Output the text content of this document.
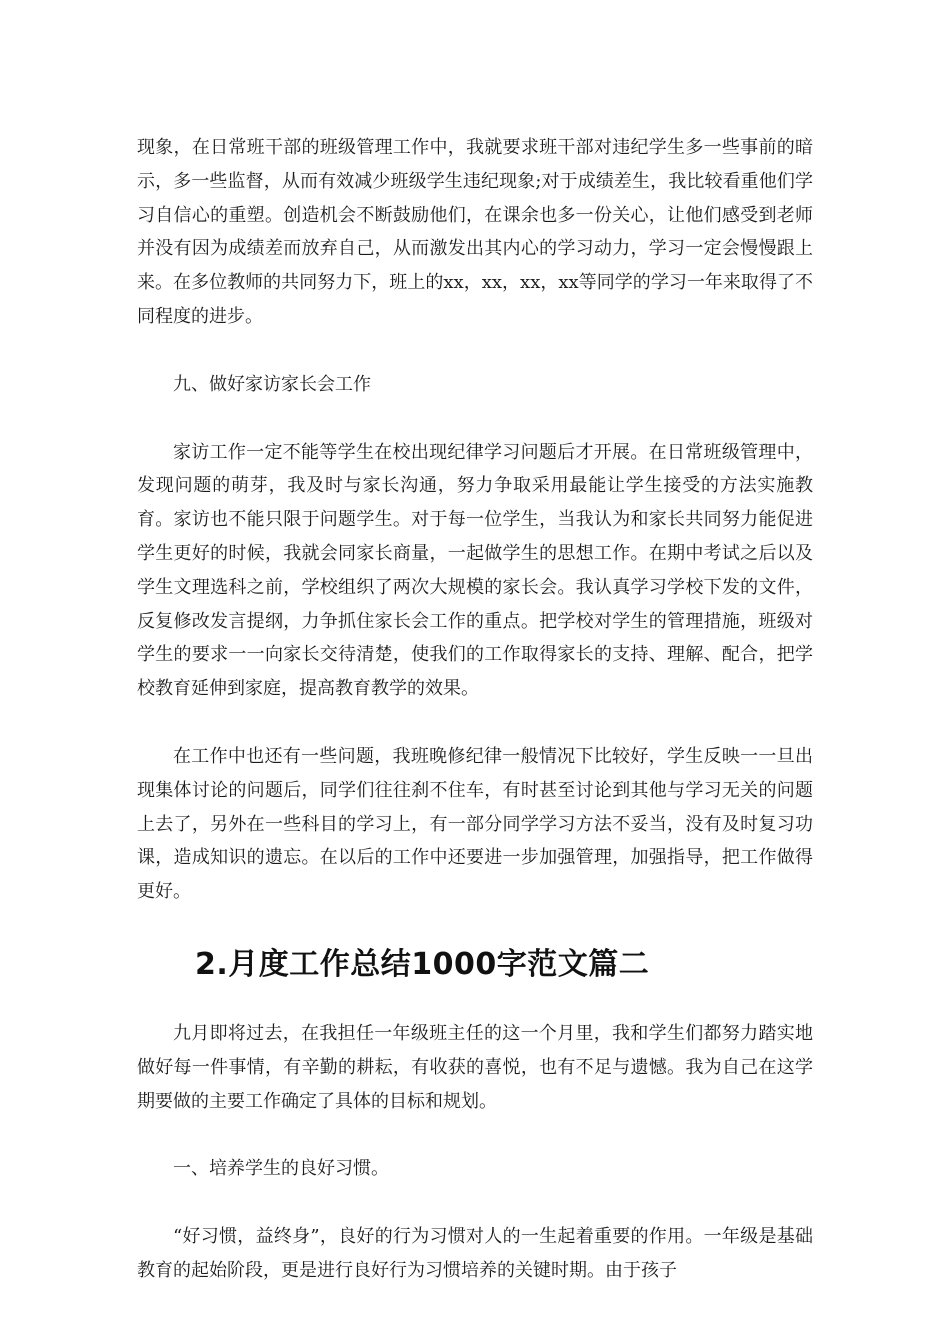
现象，在日常班干部的班级管理工作中，我就要求班干部对违纪学生多一些事前的暗示，多一些监督，从而有效减少班级学生违纪现象;对于成绩差生，我比较看重他们学习自信心的重塑。创造机会不断鼓励他们，在课余也多一份关心，让他们感受到老师并没有因为成绩差而放弃自己，从而激发出其内心的学习动力，学习一定会慢慢跟上来。在多位教师的共同努力下，班上的xx，xx，xx，xx等同学的学习一年来取得了不同程度的进步。

九、做好家访家长会工作

家访工作一定不能等学生在校出现纪律学习问题后才开展。在日常班级管理中，发现问题的萌芽，我及时与家长沟通，努力争取采用最能让学生接受的方法实施教育。家访也不能只限于问题学生。对于每一位学生，当我认为和家长共同努力能促进学生更好的时候，我就会同家长商量，一起做学生的思想工作。在期中考试之后以及学生文理选科之前，学校组织了两次大规模的家长会。我认真学习学校下发的文件，反复修改发言提纲，力争抓住家长会工作的重点。把学校对学生的管理措施，班级对学生的要求一一向家长交待清楚，使我们的工作取得家长的支持、理解、配合，把学校教育延伸到家庭，提高教育教学的效果。

在工作中也还有一些问题，我班晚修纪律一般情况下比较好，学生反映一一旦出现集体讨论的问题后，同学们往往刹不住车，有时甚至讨论到其他与学习无关的问题上去了，另外在一些科目的学习上，有一部分同学学习方法不妥当，没有及时复习功课，造成知识的遗忘。在以后的工作中还要进一步加强管理，加强指导，把工作做得更好。

2.月度工作总结1000字范文篇二

九月即将过去，在我担任一年级班主任的这一个月里，我和学生们都努力踏实地做好每一件事情，有辛勤的耕耘，有收获的喜悦，也有不足与遗憾。我为自己在这学期要做的主要工作确定了具体的目标和规划。

一、培养学生的良好习惯。

“好习惯，益终身”，良好的行为习惯对人的一生起着重要的作用。一年级是基础教育的起始阶段，更是进行良好行为习惯培养的关键时期。由于孩子
